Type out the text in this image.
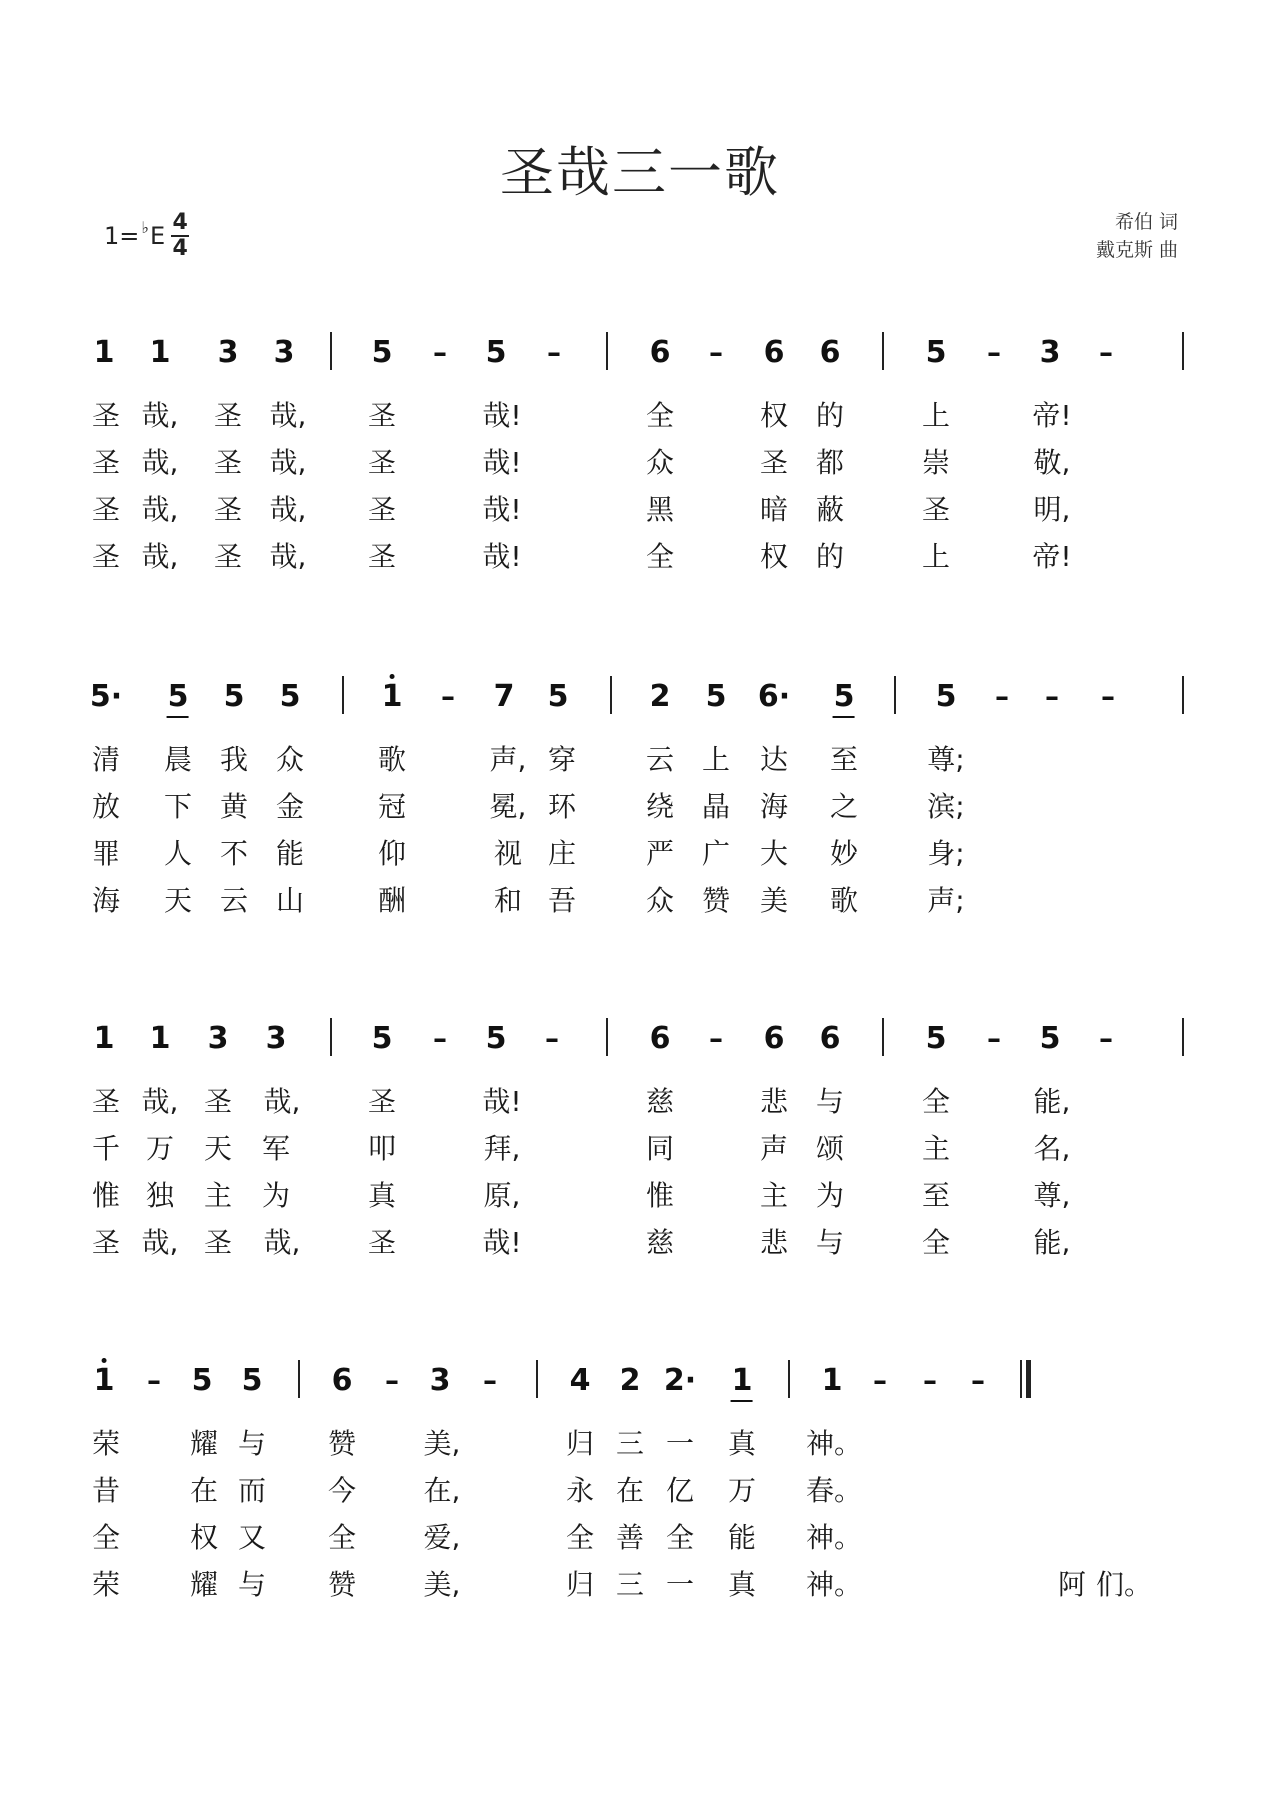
圣哉三一歌
1= ♭ E $\frac{4}{4}$	希伯 词
戴克斯 曲
1 1 3 3	5 – 5 –	6 – 6 6	5 – 3 –
圣 哉, 圣 哉, 圣	哉!	全	权 的	上	帝!
圣 哉, 圣 哉, 圣	哉!	众	圣 都	崇	敬,
圣 哉, 圣 哉, 圣	哉!	黑	暗 蔽	圣	明,
圣 哉, 圣 哉, 圣	哉!	全	权 的	上	帝!
5· 5 5 5	1 – 7 5	2 5 6· 5	5 – – –
清 晨 我 众	歌	声, 穿 云 上 达 至 尊;
放 下 黄 金	冠	冕, 环 绕 晶 海 之 滨;
罪 人 不 能	仰	视 庄 严 广 大 妙 身;
海 天 云 山	酬	和 吾 众 赞 美 歌 声;
1 1 3 3	5 – 5 –	6 – 6 6	5 – 5 –
圣 哉, 圣 哉, 圣	哉!	慈	悲 与	全	能,
千 万 天 军	叩	拜,	同	声 颂	主	名,
惟 独 主 为	真	原,	惟	主 为	至	尊,
圣 哉, 圣 哉, 圣	哉!	慈	悲 与	全	能,
1 – 5 5 6 – 3 – 4 2 2· 1 1 – – –
荣 耀 与 赞 美,	归 三 一 真 神。
昔 在 而 今 在,	永 在 亿 万 春。
全 权 又 全 爱,	全 善 全 能 神。
荣 耀 与 赞 美,	归 三 一 真 神。	阿 们。
